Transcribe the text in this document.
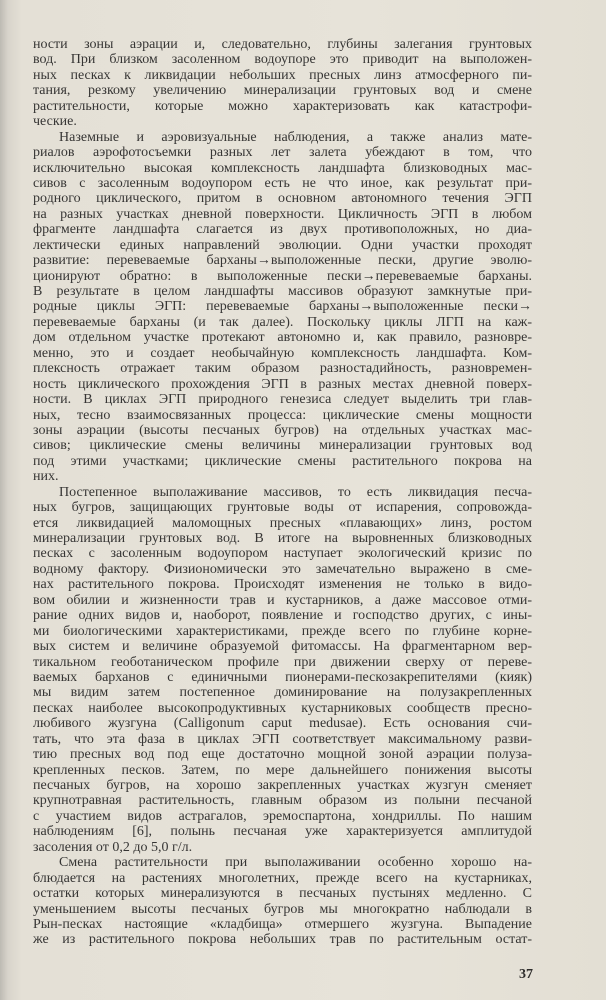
ности зоны аэрации и, следовательно, глубины залегания грунтовых
вод. При близком засоленном водоупоре это приводит на выположен-
ных песках к ликвидации небольших пресных линз атмосферного пи-
тания, резкому увеличению минерализации грунтовых вод и смене
растительности, которые можно характеризовать как катастрофи-
ческие.
Наземные и аэровизуальные наблюдения, а также анализ мате-
риалов аэрофотосъемки разных лет залета убеждают в том, что
исключительно высокая комплексность ландшафта близководных мас-
сивов с засоленным водоупором есть не что иное, как результат при-
родного циклического, притом в основном автономного течения ЭГП
на разных участках дневной поверхности. Цикличность ЭГП в любом
фрагменте ландшафта слагается из двух противоположных, но диа-
лектически единых направлений эволюции. Одни участки проходят
развитие: перевеваемые барханы→выположенные пески, другие эволю-
ционируют обратно: в выположенные пески→перевеваемые барханы.
В результате в целом ландшафты массивов образуют замкнутые при-
родные циклы ЭГП: перевеваемые барханы→выположенные пески→
перевеваемые барханы (и так далее). Поскольку циклы ЛГП на каж-
дом отдельном участке протекают автономно и, как правило, разновре-
менно, это и создает необычайную комплексность ландшафта. Ком-
плексность отражает таким образом разностадийность, разновремен-
ность циклического прохождения ЭГП в разных местах дневной поверх-
ности. В циклах ЭГП природного генезиса следует выделить три глав-
ных, тесно взаимосвязанных процесса: циклические смены мощности
зоны аэрации (высоты песчаных бугров) на отдельных участках мас-
сивов; циклические смены величины минерализации грунтовых вод
под этими участками; циклические смены растительного покрова на
них.
Постепенное выполаживание массивов, то есть ликвидация песча-
ных бугров, защищающих грунтовые воды от испарения, сопровожда-
ется ликвидацией маломощных пресных «плавающих» линз, ростом
минерализации грунтовых вод. В итоге на выровненных близководных
песках с засоленным водоупором наступает экологический кризис по
водному фактору. Физиономически это замечательно выражено в сме-
нах растительного покрова. Происходят изменения не только в видо-
вом обилии и жизненности трав и кустарников, а даже массовое отми-
рание одних видов и, наоборот, появление и господство других, с ины-
ми биологическими характеристиками, прежде всего по глубине корне-
вых систем и величине образуемой фитомассы. На фрагментарном вер-
тикальном геоботаническом профиле при движении сверху от переве-
ваемых барханов с единичными пионерами-пескозакрепителями (кияк)
мы видим затем постепенное доминирование на полузакрепленных
песках наиболее высокопродуктивных кустарниковых сообществ пресно-
любивого жузгуна (Calligonum caput medusae). Есть основания счи-
тать, что эта фаза в циклах ЭГП соответствует максимальному разви-
тию пресных вод под еще достаточно мощной зоной аэрации полуза-
крепленных песков. Затем, по мере дальнейшего понижения высоты
песчаных бугров, на хорошо закрепленных участках жузгун сменяет
крупнотравная растительность, главным образом из полыни песчаной
с участием видов астрагалов, эремоспартона, хондриллы. По нашим
наблюдениям [6], полынь песчаная уже характеризуется амплитудой
засоления от 0,2 до 5,0 г/л.
Смена растительности при выполаживании особенно хорошо на-
блюдается на растениях многолетних, прежде всего на кустарниках,
остатки которых минерализуются в песчаных пустынях медленно. С
уменьшением высоты песчаных бугров мы многократно наблюдали в
Рын-песках настоящие «кладбища» отмершего жузгуна. Выпадение
же из растительного покрова небольших трав по растительным остат-
37
